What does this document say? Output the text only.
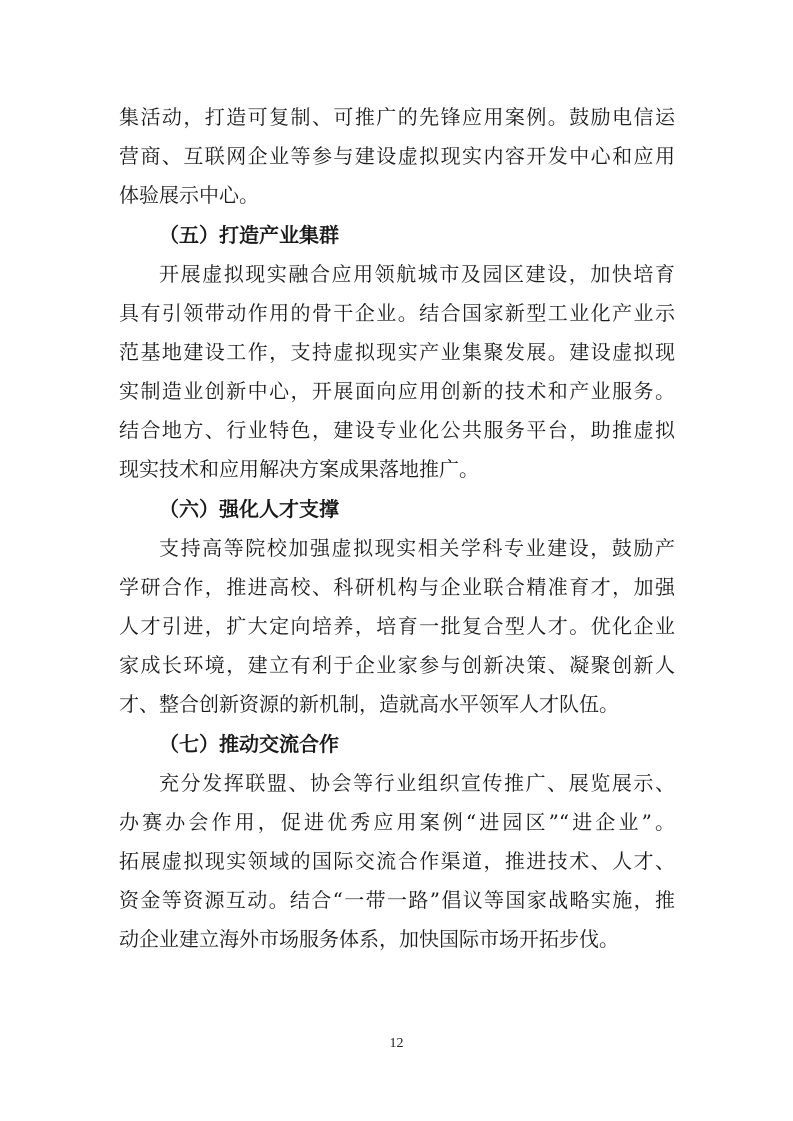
集活动，打造可复制、可推广的先锋应用案例。鼓励电信运
营商、互联网企业等参与建设虚拟现实内容开发中心和应用
体验展示中心。
（五）打造产业集群
开展虚拟现实融合应用领航城市及园区建设，加快培育
具有引领带动作用的骨干企业。结合国家新型工业化产业示
范基地建设工作，支持虚拟现实产业集聚发展。建设虚拟现
实制造业创新中心，开展面向应用创新的技术和产业服务。
结合地方、行业特色，建设专业化公共服务平台，助推虚拟
现实技术和应用解决方案成果落地推广。
（六）强化人才支撑
支持高等院校加强虚拟现实相关学科专业建设，鼓励产
学研合作，推进高校、科研机构与企业联合精准育才，加强
人才引进，扩大定向培养，培育一批复合型人才。优化企业
家成长环境，建立有利于企业家参与创新决策、凝聚创新人
才、整合创新资源的新机制，造就高水平领军人才队伍。
（七）推动交流合作
充分发挥联盟、协会等行业组织宣传推广、展览展示、
办赛办会作用，促进优秀应用案例“进园区”“进企业”。
拓展虚拟现实领域的国际交流合作渠道，推进技术、人才、
资金等资源互动。结合“一带一路”倡议等国家战略实施，推
动企业建立海外市场服务体系，加快国际市场开拓步伐。
12
